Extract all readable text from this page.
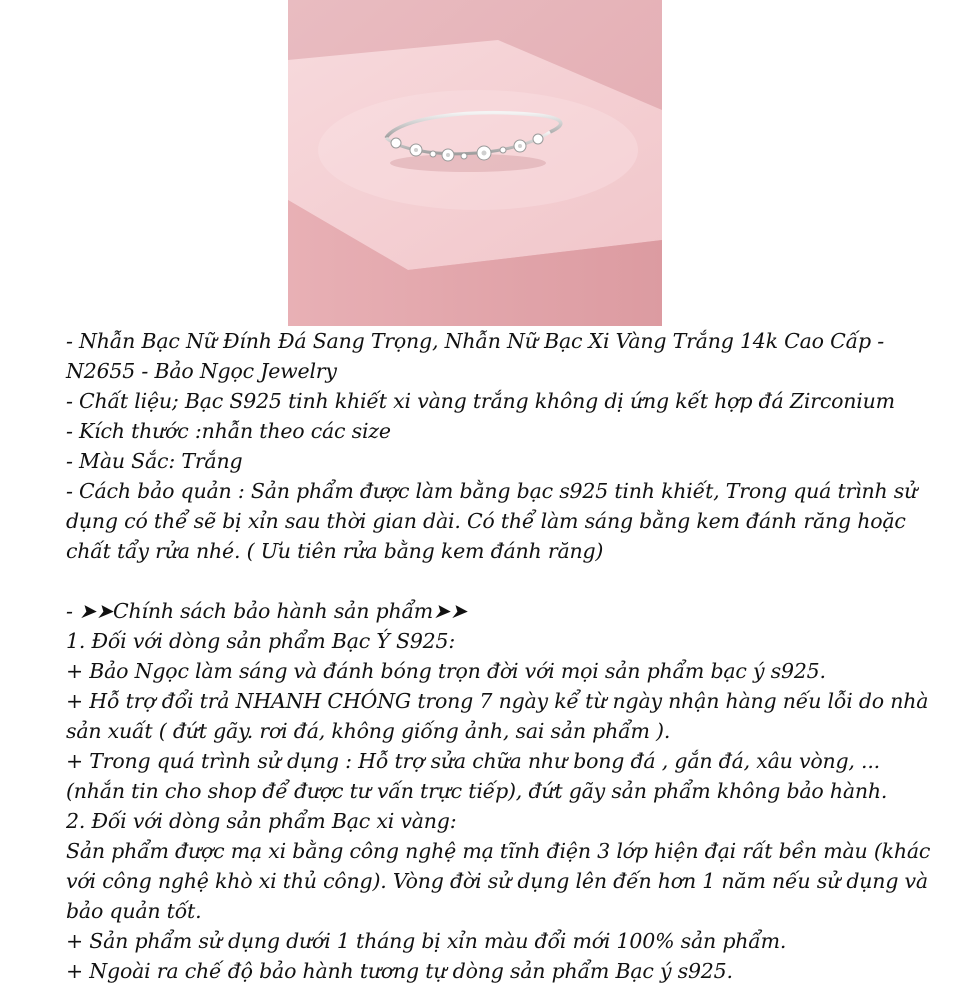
- Nhẫn Bạc Nữ Đính Đá Sang Trọng, Nhẫn Nữ Bạc Xi Vàng Trắng 14k Cao Cấp - N2655 - Bảo Ngọc Jewelry
- Chất liệu; Bạc S925 tinh khiết xi vàng trắng không dị ứng kết hợp đá Zirconium
- Kích thước :nhẫn theo các size
- Màu Sắc: Trắng
- Cách bảo quản : Sản phẩm được làm bằng bạc s925 tinh khiết, Trong quá trình sử dụng có thể sẽ bị xỉn sau thời gian dài. Có thể làm sáng bằng kem đánh răng hoặc chất tẩy rửa nhé. ( Ưu tiên rửa bằng kem đánh răng)
- ➤➤Chính sách bảo hành sản phẩm➤➤
1. Đối với dòng sản phẩm Bạc Ý S925:
+ Bảo Ngọc làm sáng và đánh bóng trọn đời với mọi sản phẩm bạc ý s925.
+ Hỗ trợ đổi trả NHANH CHÓNG trong 7 ngày kể từ ngày nhận hàng nếu lỗi do nhà sản xuất ( đứt gãy. rơi đá, không giống ảnh, sai sản phẩm ).
+ Trong quá trình sử dụng : Hỗ trợ sửa chữa như bong đá , gắn đá, xâu vòng, ... (nhắn tin cho shop để được tư vấn trực tiếp), đứt gãy sản phẩm không bảo hành.
2. Đối với dòng sản phẩm Bạc xi vàng:
Sản phẩm được mạ xi bằng công nghệ mạ tĩnh điện 3 lớp hiện đại rất bền màu (khác với công nghệ khò xi thủ công). Vòng đời sử dụng lên đến hơn 1 năm nếu sử dụng và bảo quản tốt.
+ Sản phẩm sử dụng dưới 1 tháng bị xỉn màu đổi mới 100% sản phẩm.
+ Ngoài ra chế độ bảo hành tương tự dòng sản phẩm Bạc ý s925.
